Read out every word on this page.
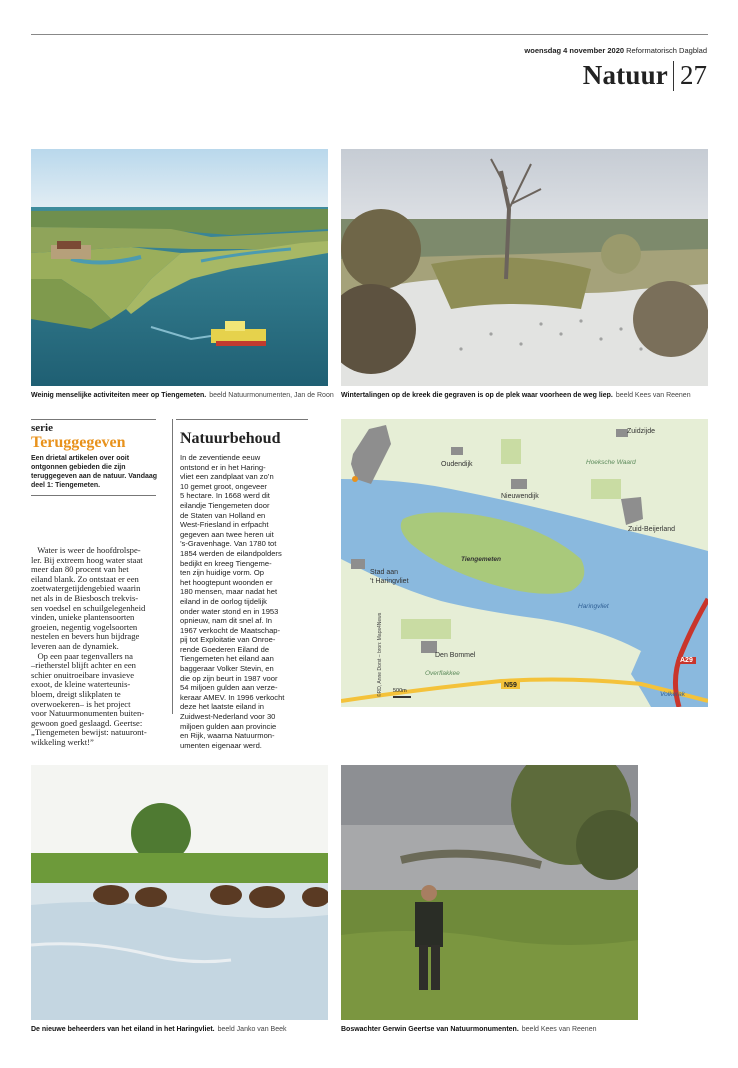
woensdag 4 november 2020 Reformatorisch Dagblad
Natuur 27
Weinig menselijke activiteiten meer op Tiengemeten. beeld Natuurmonumenten, Jan de Roon Wintertalingen op de kreek die gegraven is op de plek waar voorheen de weg liep. beeld Kees van Reenen
serie
Teruggegeven
Een drietal artikelen over ooit
ontgonnen gebieden die zijn
teruggegeven aan de natuur. Vandaag
deel 1: Tiengemeten.
Water is weer de hoofdrolspe-
ler. Bij extreem hoog water staat
meer dan 80 procent van het
eiland blank. Zo ontstaat er een
zoetwatergetijdengebied waarin
net als in de Biesbosch trekvis-
sen voedsel en schuilgelegenheid
vinden, unieke plantensoorten
groeien, negentig vogelsoorten
nestelen en bevers hun bijdrage
leveren aan de dynamiek.
Op een paar tegenvallers na
–rietherstel blijft achter en een
schier onuitroeibare invasieve
exoot, de kleine waterteunis-
bloem, dreigt slikplaten te
overwoekeren– is het project
voor Natuurmonumenten buiten-
gewoon goed geslaagd. Geertse:
„Tiengemeten bewijst: natuuront-
wikkeling werkt!”
Natuurbehoud
In de zeventiende eeuw
ontstond er in het Haring-
vliet een zandplaat van zo’n
10 gemet groot, ongeveer
5 hectare. In 1668 werd dit
eilandje Tiengemeten door
de Staten van Holland en
West-Friesland in erfpacht
gegeven aan twee heren uit
’s-Gravenhage. Van 1780 tot
1854 werden de eilandpolders
bedijkt en kreeg Tiengeme-
ten zijn huidige vorm. Op
het hoogtepunt woonden er
180 mensen, maar nadat het
eiland in de oorlog tijdelijk
onder water stond en in 1953
opnieuw, nam dit snel af. In
1967 verkocht de Maatschap-
pij tot Exploitatie van Onroe-
rende Goederen Eiland de
Tiengemeten het eiland aan
baggeraar Volker Stevin, en
die op zijn beurt in 1987 voor
54 miljoen gulden aan verze-
keraar AMEV. In 1996 verkocht
deze het laatste eiland in
Zuidwest-Nederland voor 30
miljoen gulden aan provincie
en Rijk, waarna Natuurmon-
umenten eigenaar werd.
Zuidzijde
Oudendijk	Hoeksche Waard
Nieuwendijk
Zuid-Beijerland
Tiengemeten
Stad aan
’t Haringvliet
Haringvliet
Den Bommel
Overflakkee
Volkerak
A29
N59
500m
©RD, Anne Dorst – bron: Maps4News
De nieuwe beheerders van het eiland in het Haringvliet. beeld Janko van Beek	Boswachter Gerwin Geertse van Natuurmonumenten. beeld Kees van Reenen
